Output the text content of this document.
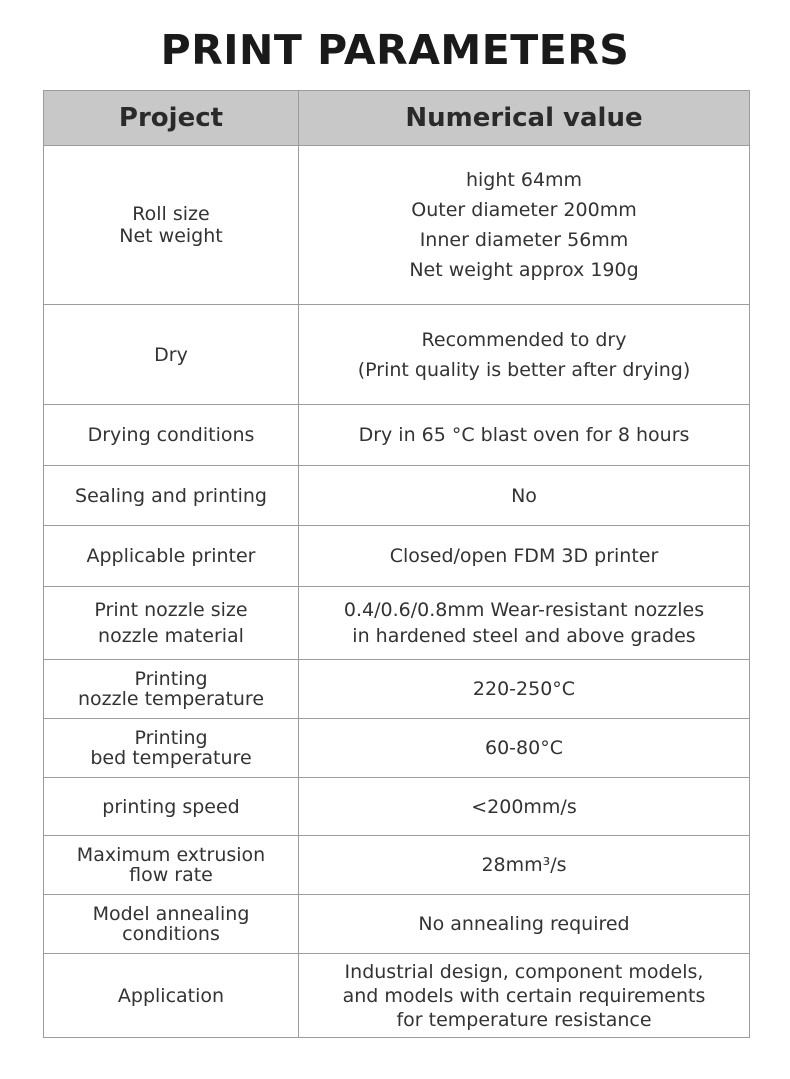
PRINT PARAMETERS
Project	Numerical value

Roll size
Net weight	hight 64mm
Outer diameter 200mm
Inner diameter 56mm
Net weight approx 190g

Dry	Recommended to dry
(Print quality is better after drying)

Drying conditions	Dry in 65 °C blast oven for 8 hours

Sealing and printing	No

Applicable printer	Closed/open FDM 3D printer

Print nozzle size
nozzle material	0.4/0.6/0.8mm Wear-resistant nozzles
in hardened steel and above grades

Printing
nozzle temperature	220-250°C

Printing
bed temperature	60-80°C

printing speed	<200mm/s

Maximum extrusion
flow rate	28mm³/s

Model annealing
conditions	No annealing required

Application	Industrial design, component models,
and models with certain requirements
for temperature resistance
